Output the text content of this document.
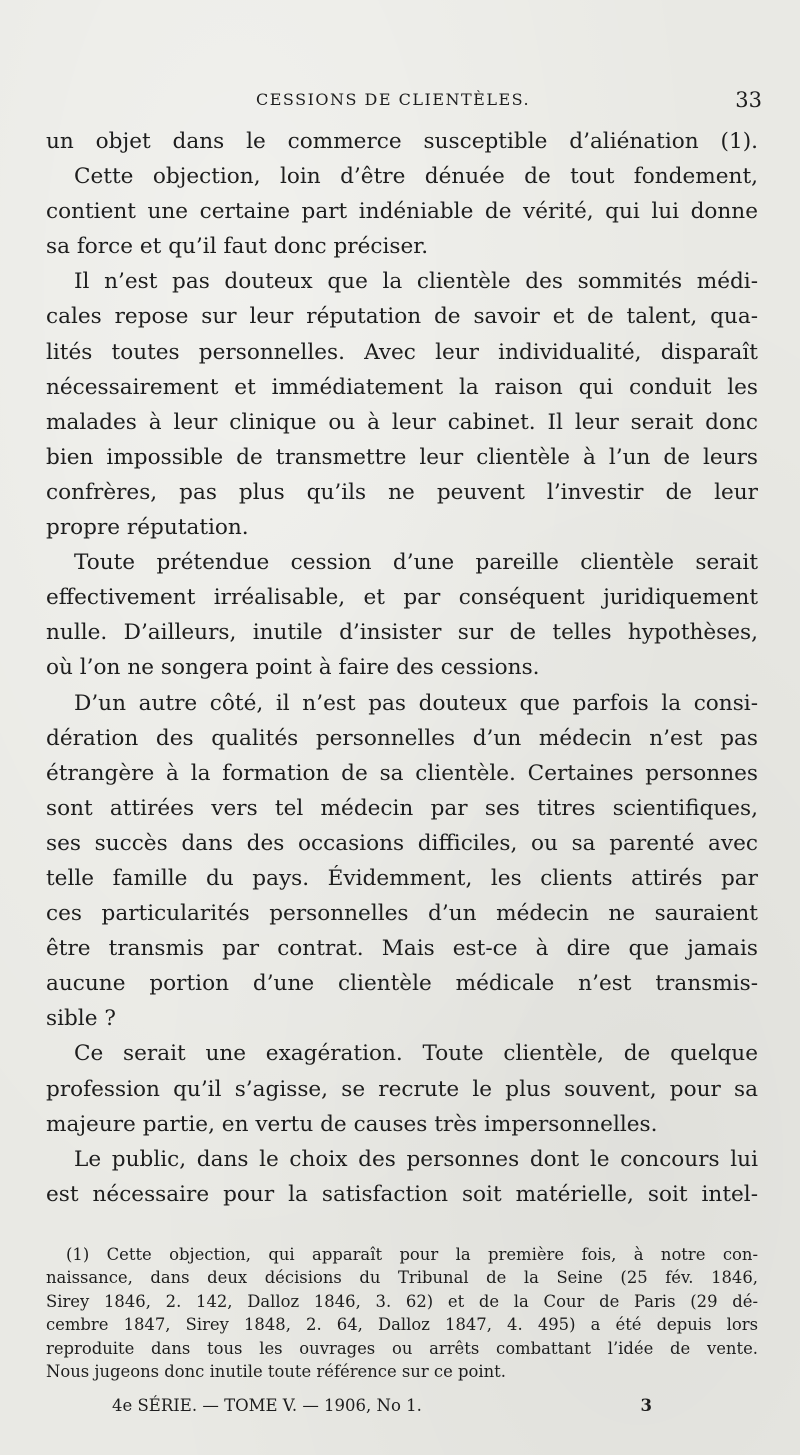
CESSIONS DE CLIENTÈLES.	33
un objet dans le commerce susceptible d’aliénation (1).
Cette objection, loin d’être dénuée de tout fondement,
contient une certaine part indéniable de vérité, qui lui donne
sa force et qu’il faut donc préciser.
Il n’est pas douteux que la clientèle des sommités médi-
cales repose sur leur réputation de savoir et de talent, qua-
lités toutes personnelles. Avec leur individualité, disparaît
nécessairement et immédiatement la raison qui conduit les
malades à leur clinique ou à leur cabinet. Il leur serait donc
bien impossible de transmettre leur clientèle à l’un de leurs
confrères, pas plus qu’ils ne peuvent l’investir de leur
propre réputation.
Toute prétendue cession d’une pareille clientèle serait
effectivement irréalisable, et par conséquent juridiquement
nulle. D’ailleurs, inutile d’insister sur de telles hypothèses,
où l’on ne songera point à faire des cessions.
D’un autre côté, il n’est pas douteux que parfois la consi-
dération des qualités personnelles d’un médecin n’est pas
étrangère à la formation de sa clientèle. Certaines personnes
sont attirées vers tel médecin par ses titres scientifiques,
ses succès dans des occasions difficiles, ou sa parenté avec
telle famille du pays. Évidemment, les clients attirés par
ces particularités personnelles d’un médecin ne sauraient
être transmis par contrat. Mais est-ce à dire que jamais
aucune portion d’une clientèle médicale n’est transmis-
sible ?
Ce serait une exagération. Toute clientèle, de quelque
profession qu’il s’agisse, se recrute le plus souvent, pour sa
majeure partie, en vertu de causes très impersonnelles.
Le public, dans le choix des personnes dont le concours lui
est nécessaire pour la satisfaction soit matérielle, soit intel-
(1) Cette objection, qui apparaît pour la première fois, à notre con-
naissance, dans deux décisions du Tribunal de la Seine (25 fév. 1846,
Sirey 1846, 2. 142, Dalloz 1846, 3. 62) et de la Cour de Paris (29 dé-
cembre 1847, Sirey 1848, 2. 64, Dalloz 1847, 4. 495) a été depuis lors
reproduite dans tous les ouvrages ou arrêts combattant l’idée de vente.
Nous jugeons donc inutile toute référence sur ce point.
4e SÉRIE. — TOME V. — 1906, No 1.	3
